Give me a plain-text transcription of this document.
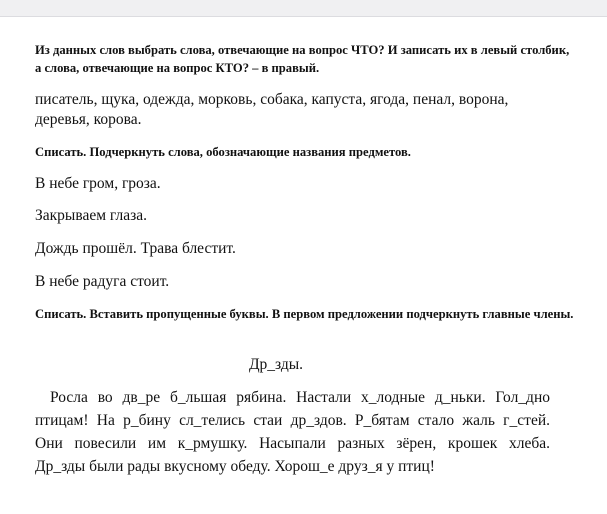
Из данных слов выбрать слова, отвечающие на вопрос ЧТО? И записать их в левый столбик, а слова, отвечающие на вопрос КТО? – в правый.
писатель, щука, одежда, морковь, собака, капуста, ягода, пенал, ворона,
деревья, корова.
Списать. Подчеркнуть слова, обозначающие названия предметов.
В небе гром, гроза.
Закрываем глаза.
Дождь прошёл. Трава блестит.
В небе радуга стоит.
Списать. Вставить пропущенные буквы. В первом предложении подчеркнуть главные члены.
Др_зды.
Росла во дв_ре б_льшая рябина. Настали х_лодные д_ньки. Гол_дно
птицам! На р_бину сл_телись стаи др_здов. Р_бятам стало жаль г_стей.
Они повесили им к_рмушку. Насыпали разных зёрен, крошек хлеба.
Др_зды были рады вкусному обеду. Хорош_е друз_я у птиц!
